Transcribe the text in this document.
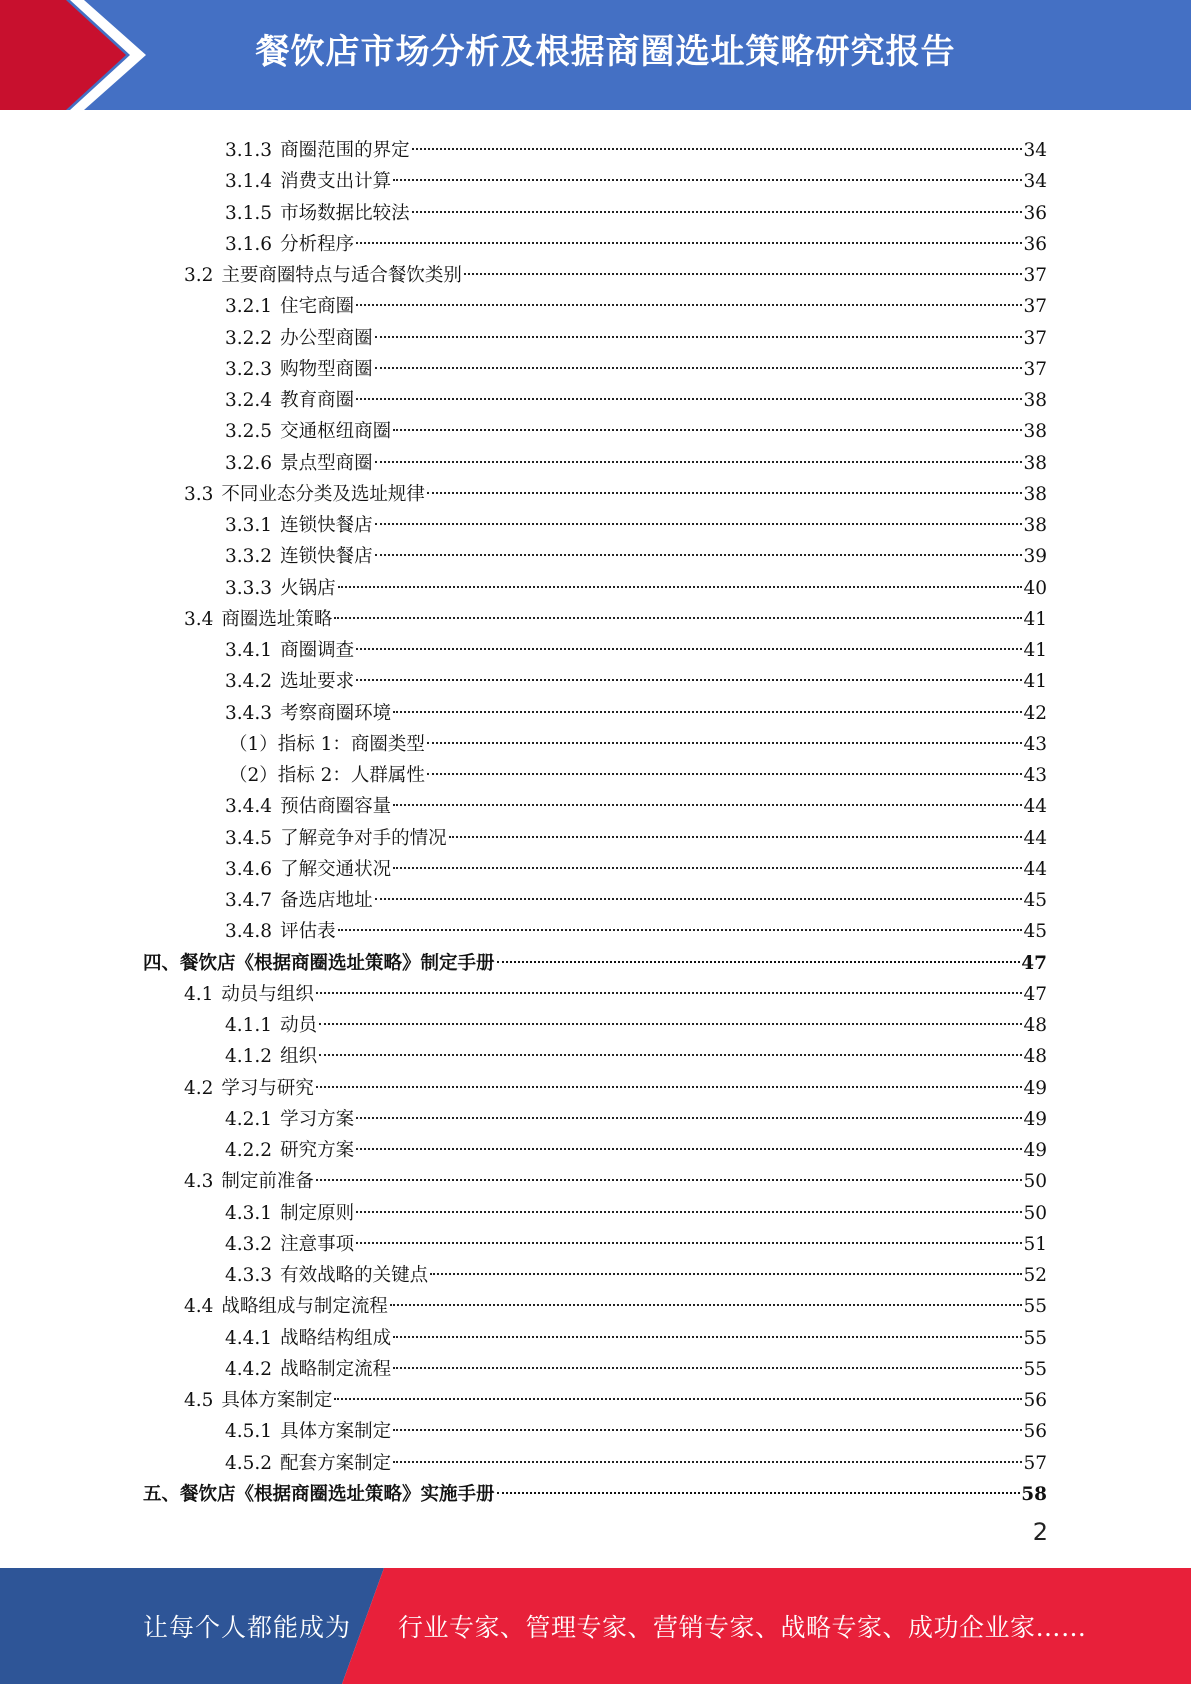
餐饮店市场分析及根据商圈选址策略研究报告
3.1.3 商圈范围的界定	34
3.1.4 消费支出计算	34
3.1.5 市场数据比较法	36
3.1.6 分析程序	36
3.2 主要商圈特点与适合餐饮类别	37
3.2.1 住宅商圈	37
3.2.2 办公型商圈	37
3.2.3 购物型商圈	37
3.2.4 教育商圈	38
3.2.5 交通枢纽商圈	38
3.2.6 景点型商圈	38
3.3 不同业态分类及选址规律	38
3.3.1 连锁快餐店	38
3.3.2 连锁快餐店	39
3.3.3 火锅店	40
3.4 商圈选址策略	41
3.4.1 商圈调查	41
3.4.2 选址要求	41
3.4.3 考察商圈环境	42
（1）指标 1：商圈类型	43
（2）指标 2：人群属性	43
3.4.4 预估商圈容量	44
3.4.5 了解竞争对手的情况	44
3.4.6 了解交通状况	44
3.4.7 备选店地址	45
3.4.8 评估表	45
四、餐饮店《根据商圈选址策略》制定手册	47
4.1 动员与组织	47
4.1.1 动员	48
4.1.2 组织	48
4.2 学习与研究	49
4.2.1 学习方案	49
4.2.2 研究方案	49
4.3 制定前准备	50
4.3.1 制定原则	50
4.3.2 注意事项	51
4.3.3 有效战略的关键点	52
4.4 战略组成与制定流程	55
4.4.1 战略结构组成	55
4.4.2 战略制定流程	55
4.5 具体方案制定	56
4.5.1 具体方案制定	56
4.5.2 配套方案制定	57
五、餐饮店《根据商圈选址策略》实施手册	58
2
让每个人都能成为 行业专家、管理专家、营销专家、战略专家、成功企业家……
